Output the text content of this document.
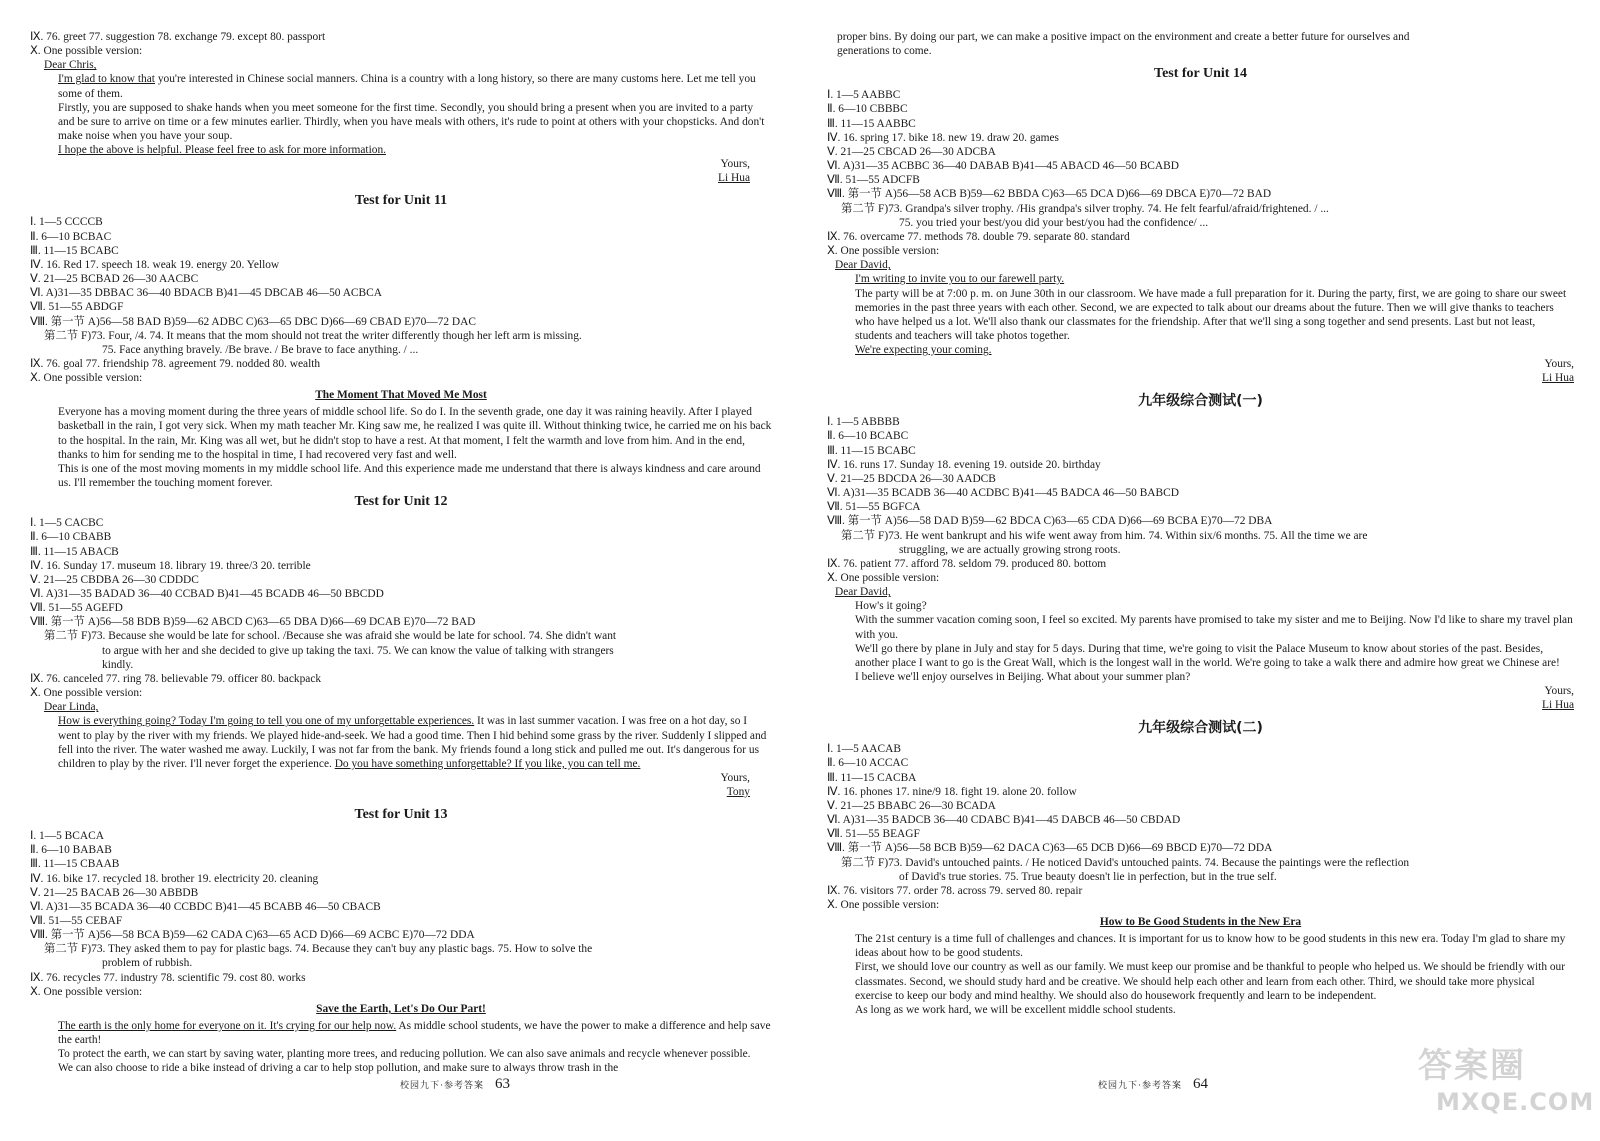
Ⅸ. 76. greet 77. suggestion 78. exchange 79. except 80. passport
Ⅹ. One possible version:
Dear Chris,
I'm glad to know that you're interested in Chinese social manners. China is a country with a long history, so there are many customs here. Let me tell you some of them.
Firstly, you are supposed to shake hands when you meet someone for the first time. Secondly, you should bring a present when you are invited to a party and be sure to arrive on time or a few minutes earlier. Thirdly, when you have meals with others, it's rude to point at others with your chopsticks. And don't make noise when you have your soup.
I hope the above is helpful. Please feel free to ask for more information.
Yours,
Li Hua
Test for Unit 11
Ⅰ. 1—5 CCCCB
Ⅱ. 6—10 BCBAC
Ⅲ. 11—15 BCABC
Ⅳ. 16. Red 17. speech 18. weak 19. energy 20. Yellow
Ⅴ. 21—25 BCBAD 26—30 AACBC
Ⅵ. A)31—35 DBBAC 36—40 BDACB B)41—45 DBCAB 46—50 ACBCA
Ⅶ. 51—55 ABDGF
Ⅷ. 第一节 A)56—58 BAD B)59—62 ADBC C)63—65 DBC D)66—69 CBAD E)70—72 DAC
第二节 F)73. Four, /4. 74. It means that the mom should not treat the writer differently though her left arm is missing.
75. Face anything bravely. /Be brave. / Be brave to face anything. / ...
Ⅸ. 76. goal 77. friendship 78. agreement 79. nodded 80. wealth
Ⅹ. One possible version:
The Moment That Moved Me Most
Everyone has a moving moment during the three years of middle school life. So do I. In the seventh grade, one day it was raining heavily. After I played basketball in the rain, I got very sick. When my math teacher Mr. King saw me, he realized I was quite ill. Without thinking twice, he carried me on his back to the hospital. In the rain, Mr. King was all wet, but he didn't stop to have a rest. At that moment, I felt the warmth and love from him. And in the end, thanks to him for sending me to the hospital in time, I had recovered very fast and well.
This is one of the most moving moments in my middle school life. And this experience made me understand that there is always kindness and care around us. I'll remember the touching moment forever.
Test for Unit 12
Ⅰ. 1—5 CACBC
Ⅱ. 6—10 CBABB
Ⅲ. 11—15 ABACB
Ⅳ. 16. Sunday 17. museum 18. library 19. three/3 20. terrible
Ⅴ. 21—25 CBDBA 26—30 CDDDC
Ⅵ. A)31—35 BADAD 36—40 CCBAD B)41—45 BCADB 46—50 BBCDD
Ⅶ. 51—55 AGEFD
Ⅷ. 第一节 A)56—58 BDB B)59—62 ABCD C)63—65 DBA D)66—69 DCAB E)70—72 BAD
第二节 F)73. Because she would be late for school. /Because she was afraid she would be late for school. 74. She didn't want
to argue with her and she decided to give up taking the taxi. 75. We can know the value of talking with strangers
kindly.
Ⅸ. 76. canceled 77. ring 78. believable 79. officer 80. backpack
Ⅹ. One possible version:
Dear Linda,
How is everything going? Today I'm going to tell you one of my unforgettable experiences. It was in last summer vacation. I was free on a hot day, so I went to play by the river with my friends. We played hide-and-seek. We had a good time. Then I hid behind some grass by the river. Suddenly I slipped and fell into the river. The water washed me away. Luckily, I was not far from the bank. My friends found a long stick and pulled me out. It's dangerous for us children to play by the river. I'll never forget the experience. Do you have something unforgettable? If you like, you can tell me.
Yours,
Tony
Test for Unit 13
Ⅰ. 1—5 BCACA
Ⅱ. 6—10 BABAB
Ⅲ. 11—15 CBAAB
Ⅳ. 16. bike 17. recycled 18. brother 19. electricity 20. cleaning
Ⅴ. 21—25 BACAB 26—30 ABBDB
Ⅵ. A)31—35 BCADA 36—40 CCBDC B)41—45 BCABB 46—50 CBACB
Ⅶ. 51—55 CEBAF
Ⅷ. 第一节 A)56—58 BCA B)59—62 CADA C)63—65 ACD D)66—69 ACBC E)70—72 DDA
第二节 F)73. They asked them to pay for plastic bags. 74. Because they can't buy any plastic bags. 75. How to solve the
problem of rubbish.
Ⅸ. 76. recycles 77. industry 78. scientific 79. cost 80. works
Ⅹ. One possible version:
Save the Earth, Let's Do Our Part!
The earth is the only home for everyone on it. It's crying for our help now. As middle school students, we have the power to make a difference and help save the earth!
To protect the earth, we can start by saving water, planting more trees, and reducing pollution. We can also save animals and recycle whenever possible.
We can also choose to ride a bike instead of driving a car to help stop pollution, and make sure to always throw trash in the
校园九下·参考答案 63
proper bins. By doing our part, we can make a positive impact on the environment and create a better future for ourselves and
generations to come.
Test for Unit 14
Ⅰ. 1—5 AABBC
Ⅱ. 6—10 CBBBC
Ⅲ. 11—15 AABBC
Ⅳ. 16. spring 17. bike 18. new 19. draw 20. games
Ⅴ. 21—25 CBCAD 26—30 ADCBA
Ⅵ. A)31—35 ACBBC 36—40 DABAB B)41—45 ABACD 46—50 BCABD
Ⅶ. 51—55 ADCFB
Ⅷ. 第一节 A)56—58 ACB B)59—62 BBDA C)63—65 DCA D)66—69 DBCA E)70—72 BAD
第二节 F)73. Grandpa's silver trophy. /His grandpa's silver trophy. 74. He felt fearful/afraid/frightened. / ...
75. you tried your best/you did your best/you had the confidence/ ...
Ⅸ. 76. overcame 77. methods 78. double 79. separate 80. standard
Ⅹ. One possible version:
Dear David,
I'm writing to invite you to our farewell party.
The party will be at 7:00 p. m. on June 30th in our classroom. We have made a full preparation for it. During the party, first, we are going to share our sweet memories in the past three years with each other. Second, we are expected to talk about our dreams about the future. Then we will give thanks to teachers who have helped us a lot. We'll also thank our classmates for the friendship. After that we'll sing a song together and send presents. Last but not least, students and teachers will take photos together.
We're expecting your coming.
Yours,
Li Hua
九年级综合测试(一)
Ⅰ. 1—5 ABBBB
Ⅱ. 6—10 BCABC
Ⅲ. 11—15 BCABC
Ⅳ. 16. runs 17. Sunday 18. evening 19. outside 20. birthday
Ⅴ. 21—25 BDCDA 26—30 AADCB
Ⅵ. A)31—35 BCADB 36—40 ACDBC B)41—45 BADCA 46—50 BABCD
Ⅶ. 51—55 BGFCA
Ⅷ. 第一节 A)56—58 DAD B)59—62 BDCA C)63—65 CDA D)66—69 BCBA E)70—72 DBA
第二节 F)73. He went bankrupt and his wife went away from him. 74. Within six/6 months. 75. All the time we are
struggling, we are actually growing strong roots.
Ⅸ. 76. patient 77. afford 78. seldom 79. produced 80. bottom
Ⅹ. One possible version:
Dear David,
How's it going?
With the summer vacation coming soon, I feel so excited. My parents have promised to take my sister and me to Beijing. Now I'd like to share my travel plan with you.
We'll go there by plane in July and stay for 5 days. During that time, we're going to visit the Palace Museum to know about stories of the past. Besides, another place I want to go is the Great Wall, which is the longest wall in the world. We're going to take a walk there and admire how great we Chinese are!
I believe we'll enjoy ourselves in Beijing. What about your summer plan?
Yours,
Li Hua
九年级综合测试(二)
Ⅰ. 1—5 AACAB
Ⅱ. 6—10 ACCAC
Ⅲ. 11—15 CACBA
Ⅳ. 16. phones 17. nine/9 18. fight 19. alone 20. follow
Ⅴ. 21—25 BBABC 26—30 BCADA
Ⅵ. A)31—35 BADCB 36—40 CDABC B)41—45 DABCB 46—50 CBDAD
Ⅶ. 51—55 BEAGF
Ⅷ. 第一节 A)56—58 BCB B)59—62 DACA C)63—65 DCB D)66—69 BBCD E)70—72 DDA
第二节 F)73. David's untouched paints. / He noticed David's untouched paints. 74. Because the paintings were the reflection
of David's true stories. 75. True beauty doesn't lie in perfection, but in the true self.
Ⅸ. 76. visitors 77. order 78. across 79. served 80. repair
Ⅹ. One possible version:
How to Be Good Students in the New Era
The 21st century is a time full of challenges and chances. It is important for us to know how to be good students in this new era. Today I'm glad to share my ideas about how to be good students.
First, we should love our country as well as our family. We must keep our promise and be thankful to people who helped us. We should be friendly with our classmates. Second, we should study hard and be creative. We should help each other and learn from each other. Third, we should take more physical exercise to keep our body and mind healthy. We should also do housework frequently and learn to be independent.
As long as we work hard, we will be excellent middle school students.
校园九下·参考答案 64	答案圈
MXQE.COM
